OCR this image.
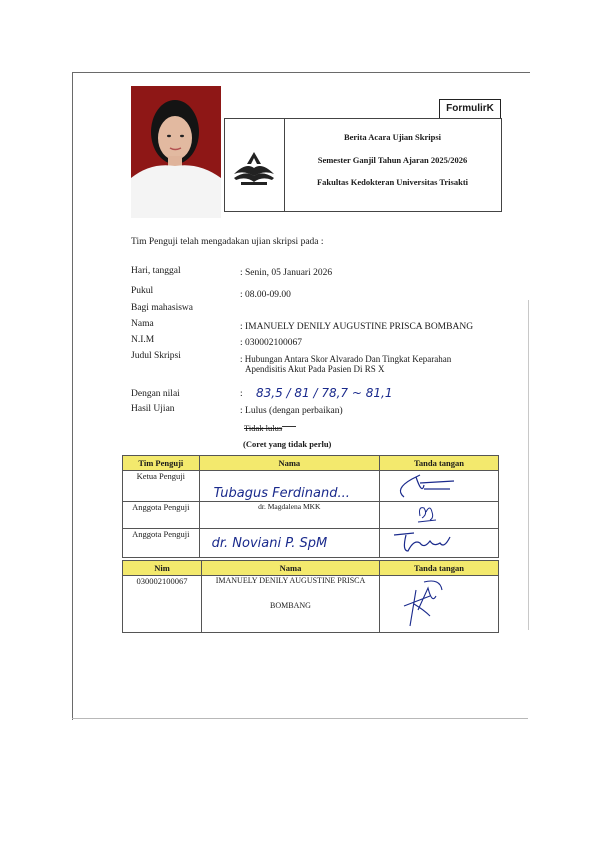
FormulirK
Berita Acara Ujian Skripsi
Semester Ganjil Tahun Ajaran 2025/2026
Fakultas Kedokteran Universitas Trisakti
Tim Penguji telah mengadakan ujian skripsi pada :
Hari, tanggal	: Senin, 05 Januari 2026
Pukul	: 08.00-09.00
Bagi mahasiswa
Nama	: IMANUELY DENILY AUGUSTINE PRISCA BOMBANG
N.I.M	: 030002100067
Judul Skripsi	: Hubungan Antara Skor Alvarado Dan Tingkat Keparahan
Apendisitis Akut Pada Pasien Di RS X
Dengan nilai	: 83,5 / 81 / 78,7 ~ 81,1
Hasil Ujian	: Lulus (dengan perbaikan)
Tidak lulus
(Coret yang tidak perlu)
Tim Penguji	Nama	Tanda tangan
Ketua Penguji	Tubagus Ferdinand...	
Anggota Penguji	dr. Magdalena MKK	
Anggota Penguji	dr. Noviani P. SpM	
Nim	Nama	Tanda tangan
030002100067	IMANUELY DENILY AUGUSTINE PRISCA
BOMBANG
